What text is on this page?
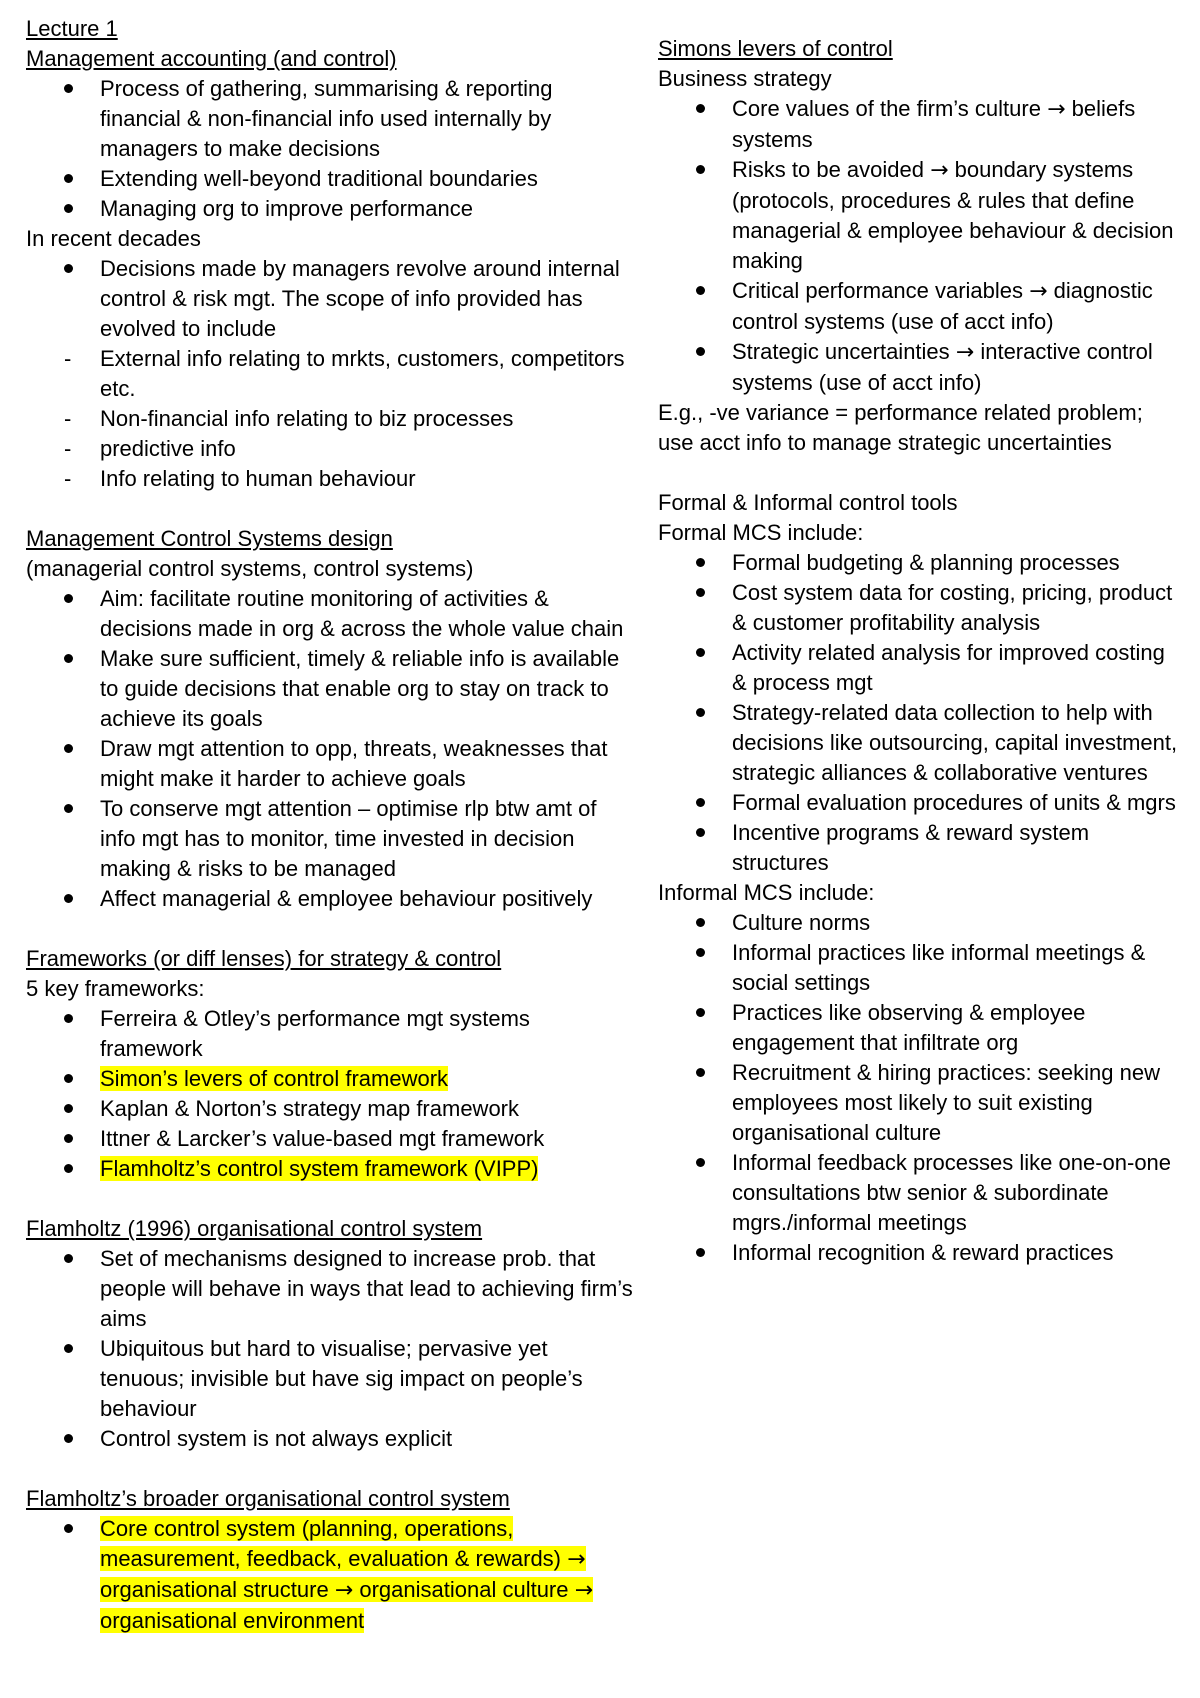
Lecture 1
Management accounting (and control)
Process of gathering, summarising & reporting financial & non-financial info used internally by managers to make decisions
Extending well-beyond traditional boundaries
Managing org to improve performance
In recent decades
Decisions made by managers revolve around internal control & risk mgt. The scope of info provided has evolved to include
External info relating to mrkts, customers, competitors etc.
Non-financial info relating to biz processes
predictive info
Info relating to human behaviour
Management Control Systems design
(managerial control systems, control systems)
Aim: facilitate routine monitoring of activities & decisions made in org & across the whole value chain
Make sure sufficient, timely & reliable info is available to guide decisions that enable org to stay on track to achieve its goals
Draw mgt attention to opp, threats, weaknesses that might make it harder to achieve goals
To conserve mgt attention – optimise rlp btw amt of info mgt has to monitor, time invested in decision making & risks to be managed
Affect managerial & employee behaviour positively
Frameworks (or diff lenses) for strategy & control
5 key frameworks:
Ferreira & Otley’s performance mgt systems framework
Simon’s levers of control framework
Kaplan & Norton’s strategy map framework
Ittner & Larcker’s value-based mgt framework
Flamholtz’s control system framework (VIPP)
Flamholtz (1996) organisational control system
Set of mechanisms designed to increase prob. that people will behave in ways that lead to achieving firm’s aims
Ubiquitous but hard to visualise; pervasive yet tenuous; invisible but have sig impact on people’s behaviour
Control system is not always explicit
Flamholtz’s broader organisational control system
Core control system (planning, operations, measurement, feedback, evaluation & rewards) → organisational structure → organisational culture → organisational environment
Simons levers of control
Business strategy
Core values of the firm’s culture → beliefs systems
Risks to be avoided → boundary systems (protocols, procedures & rules that define managerial & employee behaviour & decision making
Critical performance variables → diagnostic control systems (use of acct info)
Strategic uncertainties → interactive control systems (use of acct info)
E.g., -ve variance = performance related problem; use acct info to manage strategic uncertainties
Formal & Informal control tools
Formal MCS include:
Formal budgeting & planning processes
Cost system data for costing, pricing, product & customer profitability analysis
Activity related analysis for improved costing & process mgt
Strategy-related data collection to help with decisions like outsourcing, capital investment, strategic alliances & collaborative ventures
Formal evaluation procedures of units & mgrs
Incentive programs & reward system structures
Informal MCS include:
Culture norms
Informal practices like informal meetings & social settings
Practices like observing & employee engagement that infiltrate org
Recruitment & hiring practices: seeking new employees most likely to suit existing organisational culture
Informal feedback processes like one-on-one consultations btw senior & subordinate mgrs./informal meetings
Informal recognition & reward practices
